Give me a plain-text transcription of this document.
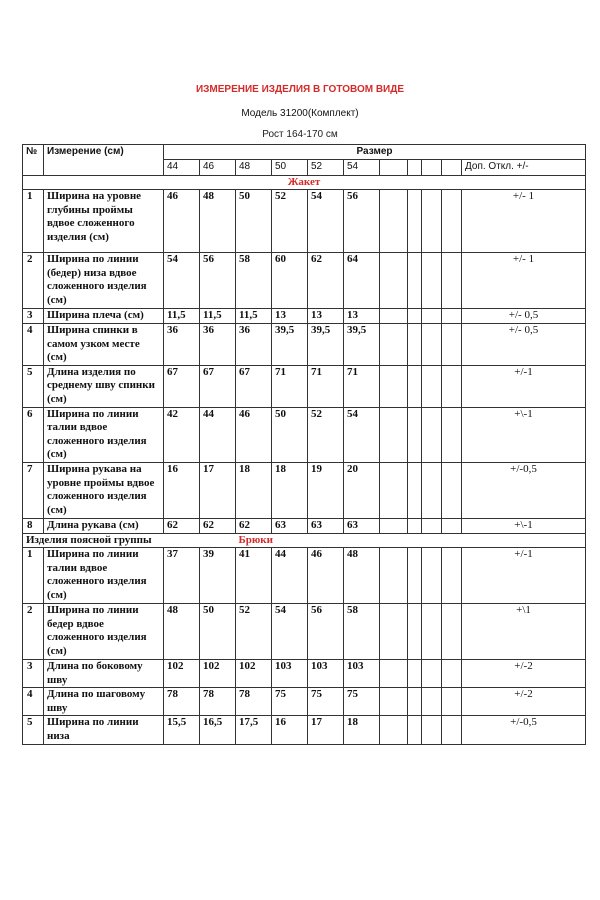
ИЗМЕРЕНИЕ ИЗДЕЛИЯ В ГОТОВОМ ВИДЕ
Модель 31200(Комплект)
Рост 164-170 см
№	Измерение (см)	Размер										
		44	46	48	50	52	54					Доп. Откл. +/-
Жакет												
1	Ширина на уровне глубины проймы вдвое сложенного изделия (см)	46	48	50	52	54	56					+/- 1
2	Ширина по линии (бедер) низа вдвое сложенного изделия (см)	54	56	58	60	62	64					+/- 1
3	Ширина плеча (см)	11,5	11,5	11,5	13	13	13					+/- 0,5
4	Ширина спинки в самом узком месте (см)	36	36	36	39,5	39,5	39,5					+/- 0,5
5	Длина изделия по среднему шву спинки (см)	67	67	67	71	71	71					+/-1
6	Ширина по линии талии вдвое сложенного изделия (см)	42	44	46	50	52	54					+\-1
7	Ширина рукава на уровне проймы вдвое сложенного изделия (см)	16	17	18	18	19	20					+/-0,5
8	Длина рукава (см)	62	62	62	63	63	63					+\-1
Изделия поясной группы				Брюки								
1	Ширина по линии талии вдвое сложенного изделия (см)	37	39	41	44	46	48					+/-1
2	Ширина по линии бедер вдвое сложенного изделия (см)	48	50	52	54	56	58					+\1
3	Длина по боковому шву	102	102	102	103	103	103					+/-2
4	Длина по шаговому шву	78	78	78	75	75	75					+/-2
5	Ширина по линии низа	15,5	16,5	17,5	16	17	18					+/-0,5
